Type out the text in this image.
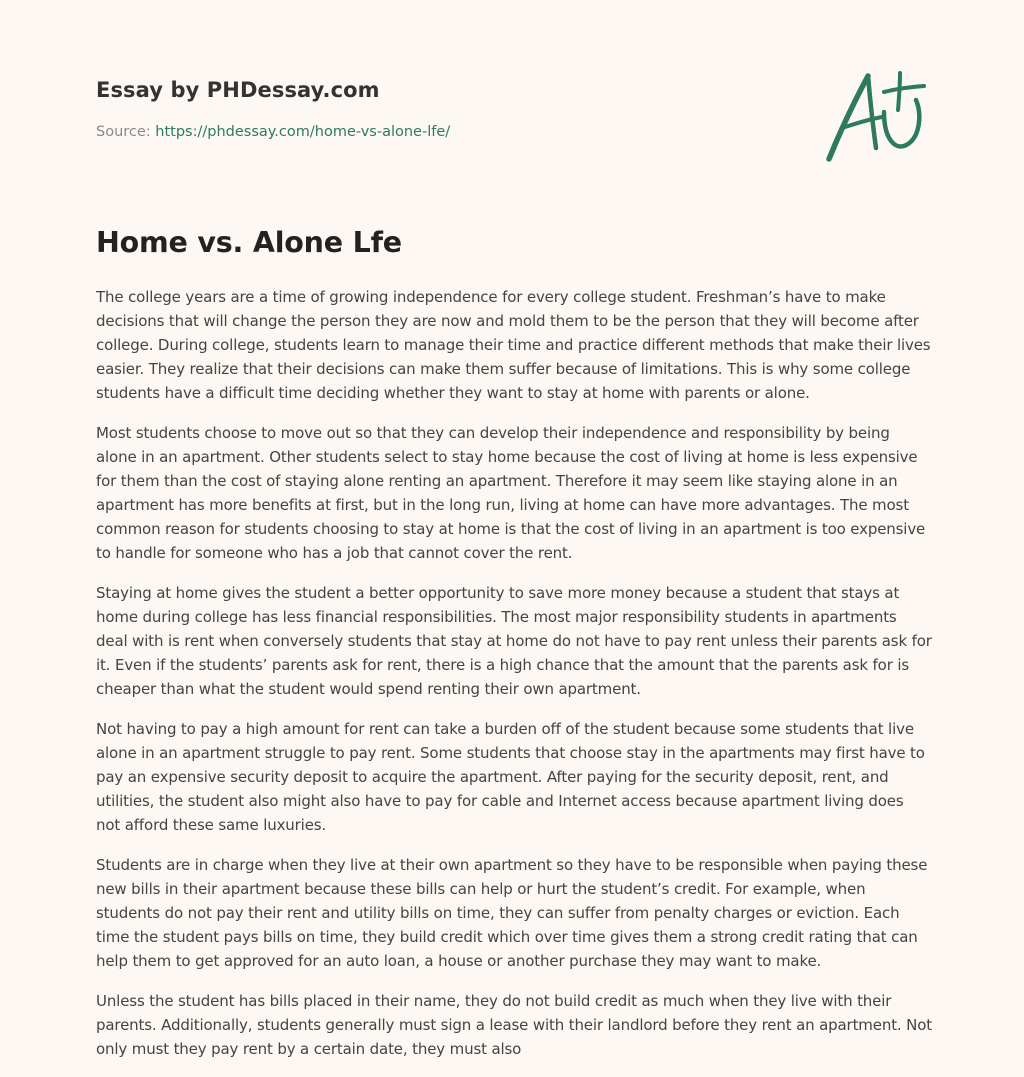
Essay by PHDessay.com
Source: https://phdessay.com/home-vs-alone-lfe/
Home vs. Alone Lfe

The college years are a time of growing independence for every college student. Freshman’s have to make decisions that will change the person they are now and mold them to be the person that they will become after college. During college, students learn to manage their time and practice different methods that make their lives easier. They realize that their decisions can make them suffer because of limitations. This is why some college students have a difficult time deciding whether they want to stay at home with parents or alone.

Most students choose to move out so that they can develop their independence and responsibility by being alone in an apartment. Other students select to stay home because the cost of living at home is less expensive for them than the cost of staying alone renting an apartment. Therefore it may seem like staying alone in an apartment has more benefits at first, but in the long run, living at home can have more advantages. The most common reason for students choosing to stay at home is that the cost of living in an apartment is too expensive to handle for someone who has a job that cannot cover the rent.

Staying at home gives the student a better opportunity to save more money because a student that stays at home during college has less financial responsibilities. The most major responsibility students in apartments deal with is rent when conversely students that stay at home do not have to pay rent unless their parents ask for it. Even if the students’ parents ask for rent, there is a high chance that the amount that the parents ask for is cheaper than what the student would spend renting their own apartment.

Not having to pay a high amount for rent can take a burden off of the student because some students that live alone in an apartment struggle to pay rent. Some students that choose stay in the apartments may first have to pay an expensive security deposit to acquire the apartment. After paying for the security deposit, rent, and utilities, the student also might also have to pay for cable and Internet access because apartment living does not afford these same luxuries.

Students are in charge when they live at their own apartment so they have to be responsible when paying these new bills in their apartment because these bills can help or hurt the student’s credit. For example, when students do not pay their rent and utility bills on time, they can suffer from penalty charges or eviction. Each time the student pays bills on time, they build credit which over time gives them a strong credit rating that can help them to get approved for an auto loan, a house or another purchase they may want to make.

Unless the student has bills placed in their name, they do not build credit as much when they live with their parents. Additionally, students generally must sign a lease with their landlord before they rent an apartment. Not only must they pay rent by a certain date, they must also
